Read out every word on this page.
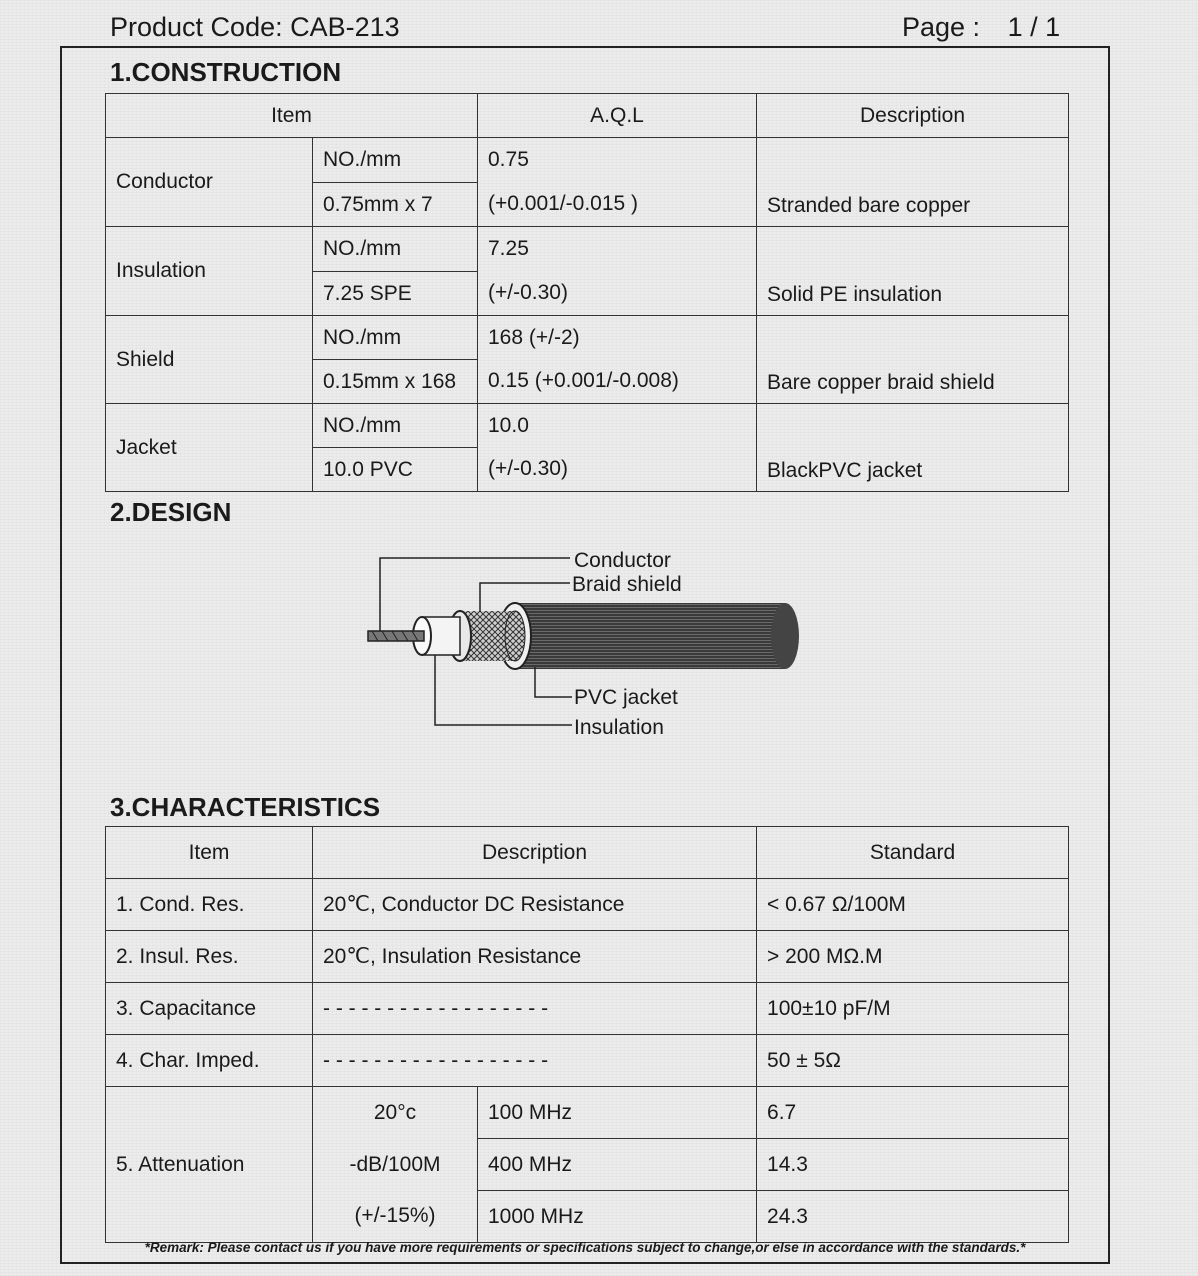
Product Code: CAB-213	Page : 1 / 1
1.CONSTRUCTION
Item		A.Q.L	Description
Conductor	NO./mm	0.75	Stranded bare copper
	0.75mm x 7	(+0.001/-0.015 )	
Insulation	NO./mm	7.25	Solid PE insulation
	7.25 SPE	(+/-0.30)	
Shield	NO./mm	168 (+/-2)	Bare copper braid shield
	0.15mm x 168	0.15 (+0.001/-0.008)	
Jacket	NO./mm	10.0	BlackPVC jacket
	10.0 PVC	(+/-0.30)	
2.DESIGN
Conductor
Braid shield
PVC jacket
Insulation
3.CHARACTERISTICS
Item	Description		Standard
1. Cond. Res.	20℃, Conductor DC Resistance		< 0.67 Ω/100M
2. Insul. Res.	20℃, Insulation Resistance		> 200 MΩ.M
3. Capacitance	- - - - - - - - - - - - - - - - - -		100±10 pF/M
4. Char. Imped.	- - - - - - - - - - - - - - - - - -		50 ± 5Ω
5. Attenuation	20°c	100 MHz	6.7
	-dB/100M	400 MHz	14.3
	(+/-15%)	1000 MHz	24.3
*Remark: Please contact us if you have more requirements or specifications subject to change,or else in accordance with the standards.*
